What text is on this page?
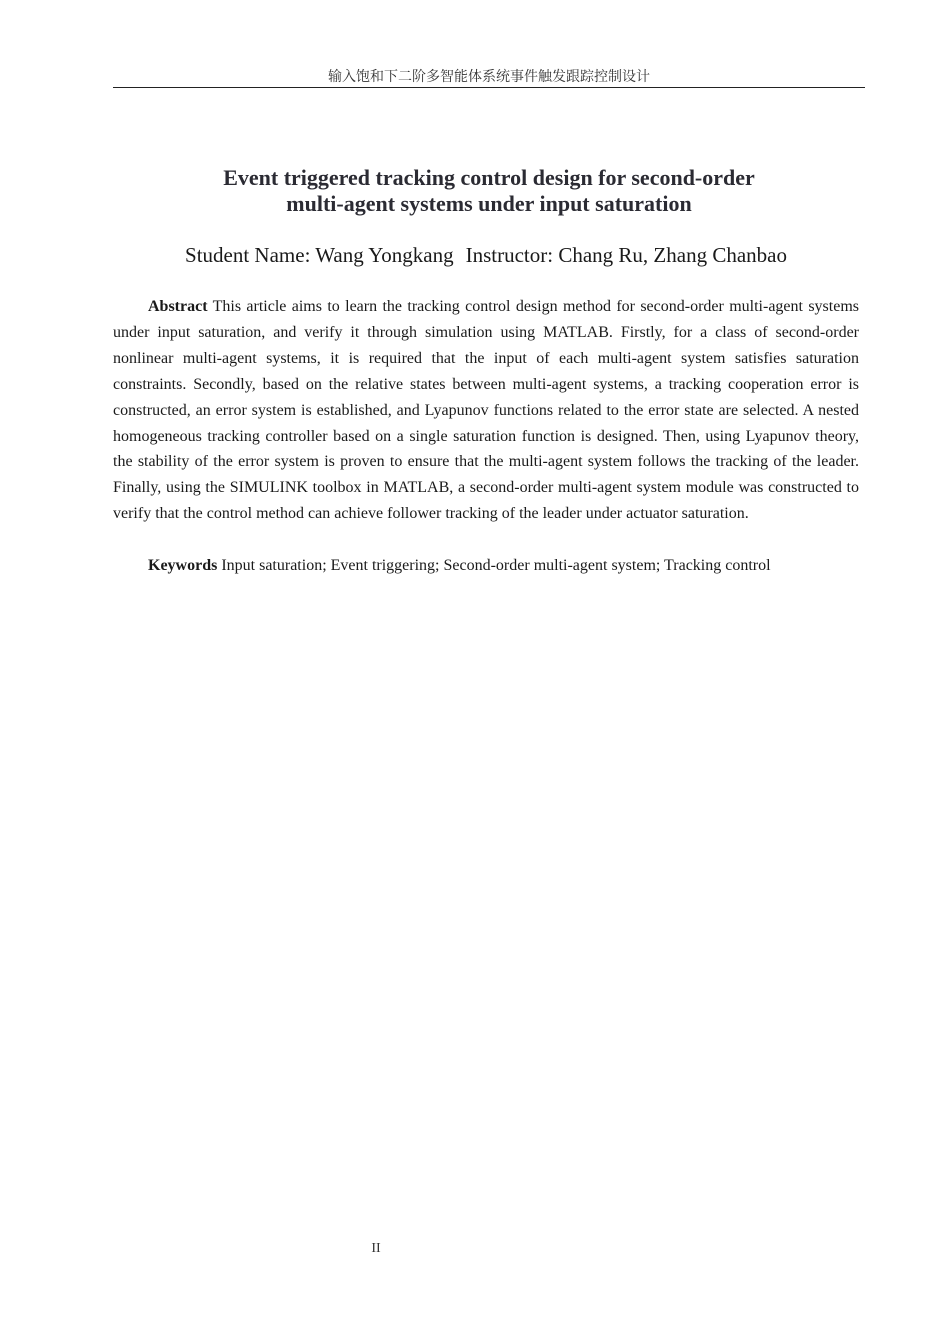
输入饱和下二阶多智能体系统事件触发跟踪控制设计
Event triggered tracking control design for second-order
multi-agent systems under input saturation
Student Name: Wang Yongkang Instructor: Chang Ru, Zhang Chanbao

Abstract This article aims to learn the tracking control design method for second-order multi-agent systems under input saturation, and verify it through simulation using MATLAB. Firstly, for a class of second-order nonlinear multi-agent systems, it is required that the input of each multi-agent system satisfies saturation constraints. Secondly, based on the relative states between multi-agent systems, a tracking cooperation error is constructed, an error system is established, and Lyapunov functions related to the error state are selected. A nested homogeneous tracking controller based on a single saturation function is designed. Then, using Lyapunov theory, the stability of the error system is proven to ensure that the multi-agent system follows the tracking of the leader. Finally, using the SIMULINK toolbox in MATLAB, a second-order multi-agent system module was constructed to verify that the control method can achieve follower tracking of the leader under actuator saturation.

Keywords Input saturation; Event triggering; Second-order multi-agent system; Tracking control

II
